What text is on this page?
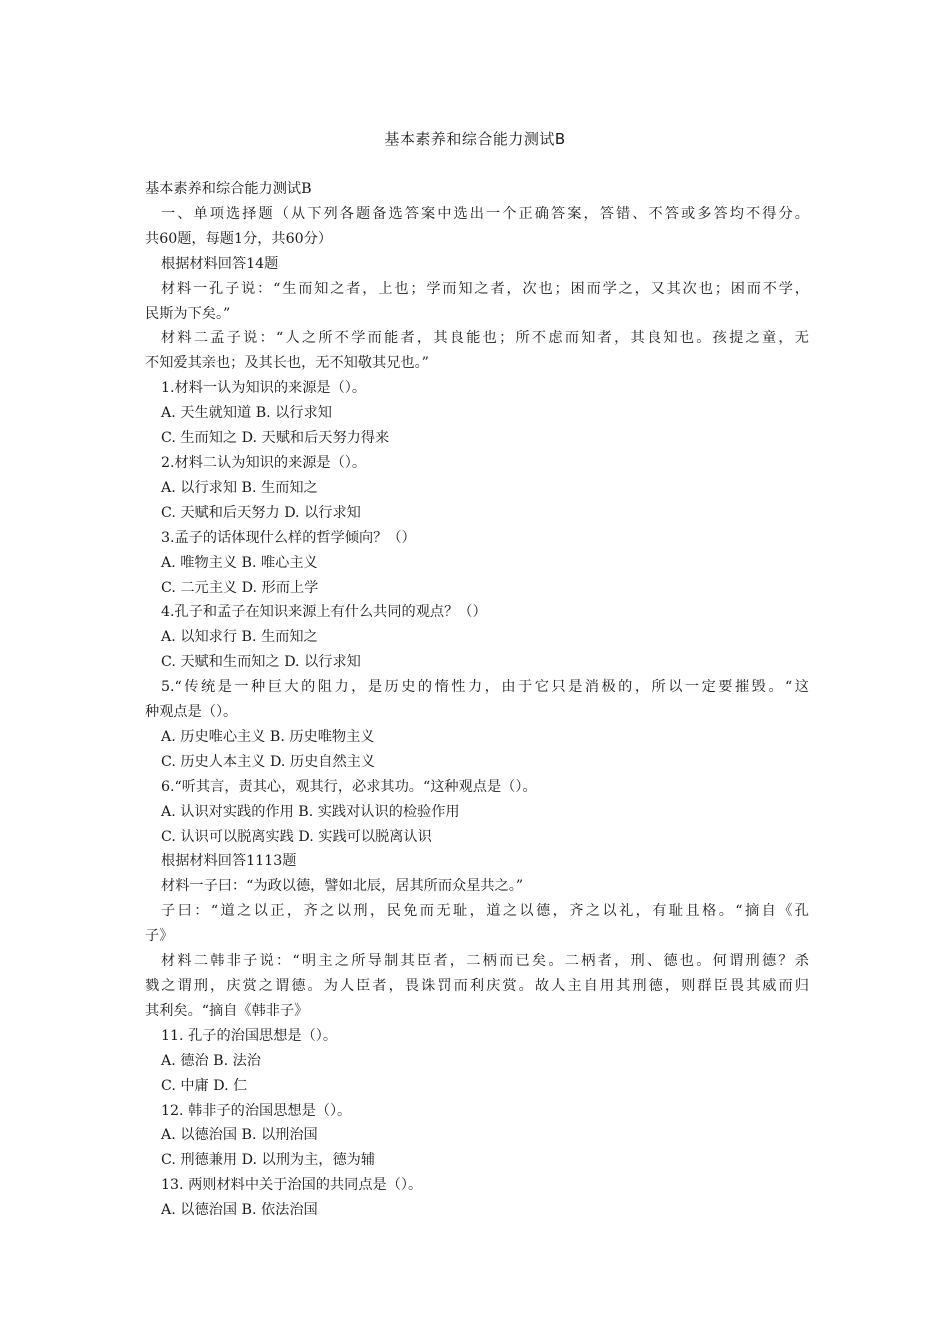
基本素养和综合能力测试B

基本素养和综合能力测试B

一、单项选择题（从下列各题备选答案中选出一个正确答案，答错、不答或多答均不得分。

共60题，每题1分，共60分）

根据材料回答14题

材料一孔子说：“生而知之者，上也；学而知之者，次也；困而学之，又其次也；困而不学，

民斯为下矣。”

材料二孟子说：“人之所不学而能者，其良能也；所不虑而知者，其良知也。孩提之童，无

不知爱其亲也；及其长也，无不知敬其兄也。”

1.材料一认为知识的来源是（）。

A. 天生就知道 B. 以行求知

C. 生而知之 D. 天赋和后天努力得来

2.材料二认为知识的来源是（）。

A. 以行求知 B. 生而知之

C. 天赋和后天努力 D. 以行求知

3.孟子的话体现什么样的哲学倾向？（）

A. 唯物主义 B. 唯心主义

C. 二元主义 D. 形而上学

4.孔子和孟子在知识来源上有什么共同的观点？（）

A. 以知求行 B. 生而知之

C. 天赋和生而知之 D. 以行求知

5.“传统是一种巨大的阻力，是历史的惰性力，由于它只是消极的，所以一定要摧毁。“这

种观点是（）。

A. 历史唯心主义 B. 历史唯物主义

C. 历史人本主义 D. 历史自然主义

6.“听其言，责其心，观其行，必求其功。“这种观点是（）。

A. 认识对实践的作用 B. 实践对认识的检验作用

C. 认识可以脱离实践 D. 实践可以脱离认识

根据材料回答1113题

材料一子曰：“为政以德，譬如北辰，居其所而众星共之。”

子曰：“道之以正，齐之以刑，民免而无耻，道之以德，齐之以礼，有耻且格。“摘自《孔

子》

材料二韩非子说：“明主之所导制其臣者，二柄而已矣。二柄者，刑、德也。何谓刑德？杀

戮之谓刑，庆赏之谓德。为人臣者，畏诛罚而利庆赏。故人主自用其刑德，则群臣畏其威而归

其利矣。“摘自《韩非子》

11. 孔子的治国思想是（）。

A. 德治 B. 法治

C. 中庸 D. 仁

12. 韩非子的治国思想是（）。

A. 以德治国 B. 以刑治国

C. 刑德兼用 D. 以刑为主，德为辅

13. 两则材料中关于治国的共同点是（）。

A. 以德治国 B. 依法治国
